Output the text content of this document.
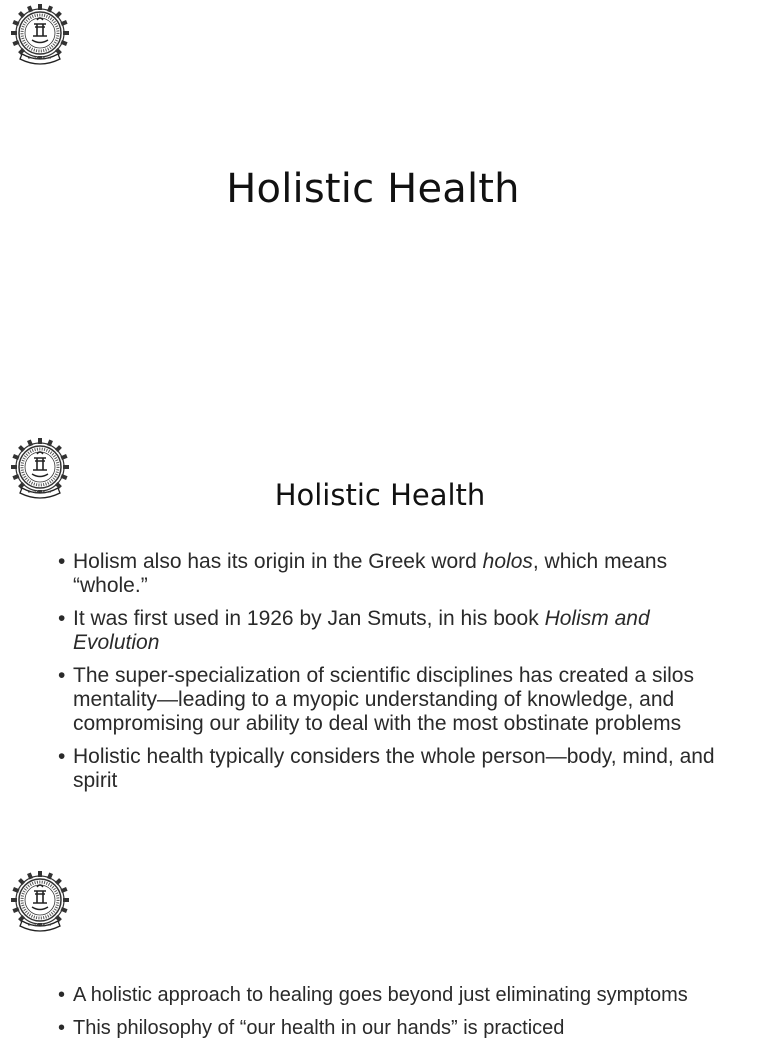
Holistic Health
Holistic Health
• Holism also has its origin in the Greek word holos, which means “whole.”
• It was first used in 1926 by Jan Smuts, in his book Holism and Evolution
• The super-specialization of scientific disciplines has created a silos mentality—leading to a myopic understanding of knowledge, and compromising our ability to deal with the most obstinate problems
• Holistic health typically considers the whole person—body, mind, and spirit
• A holistic approach to healing goes beyond just eliminating symptoms
• This philosophy of “our health in our hands” is practiced
